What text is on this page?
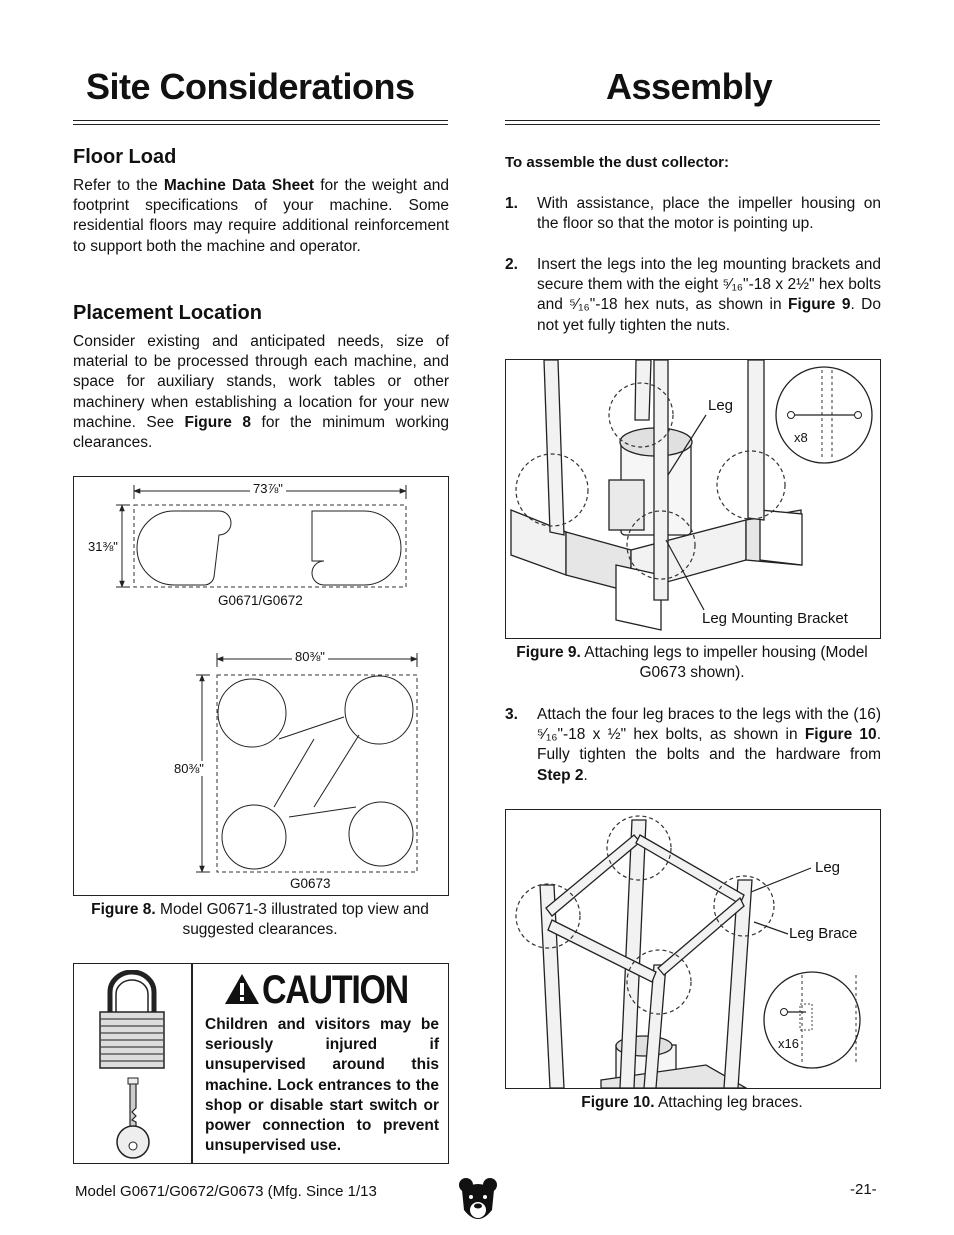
Site Considerations
Floor Load
Refer to the Machine Data Sheet for the weight and footprint specifications of your machine. Some residential floors may require additional reinforcement to support both the machine and operator.
Placement Location
Consider existing and anticipated needs, size of material to be processed through each machine, and space for auxiliary stands, work tables or other machinery when establishing a location for your new machine. See Figure 8 for the minimum working clearances.
73⅞"
31⅜"
G0671/G0672
80⅜"
80⅜"
G0673
Figure 8. Model G0671-3 illustrated top view and suggested clearances.
CAUTION
Children and visitors may be seriously injured if unsupervised around this machine. Lock entrances to the shop or disable start switch or power connection to prevent unsupervised use.
Assembly
To assemble the dust collector:
1. With assistance, place the impeller housing on the floor so that the motor is pointing up.
2. Insert the legs into the leg mounting brackets and secure them with the eight ⁵⁄₁₆"-18 x 2½" hex bolts and ⁵⁄₁₆"-18 hex nuts, as shown in Figure 9. Do not yet fully tighten the nuts.
Leg
x8
Leg Mounting Bracket
Figure 9. Attaching legs to impeller housing (Model G0673 shown).
3. Attach the four leg braces to the legs with the (16) ⁵⁄₁₆"-18 x ½" hex bolts, as shown in Figure 10. Fully tighten the bolts and the hardware from Step 2.
Leg
Leg Brace
x16
Figure 10. Attaching leg braces.
Model G0671/G0672/G0673 (Mfg. Since 1/13	-21-
